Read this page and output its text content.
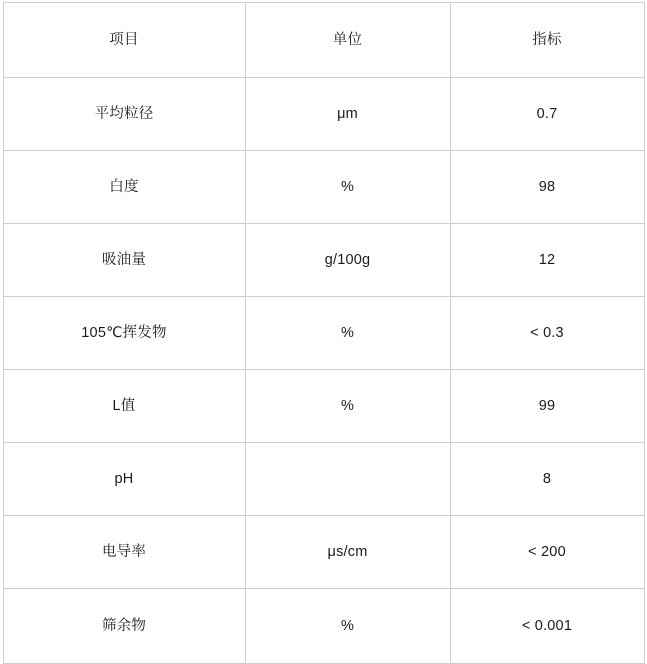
项目	单位	指标

平均粒径	μm	0.7

白度	%	98

吸油量	g/100g	12

105℃挥发物	%	< 0.3

L值	%	99

pH		8

电导率	μs/cm	< 200

筛余物	%	< 0.001
